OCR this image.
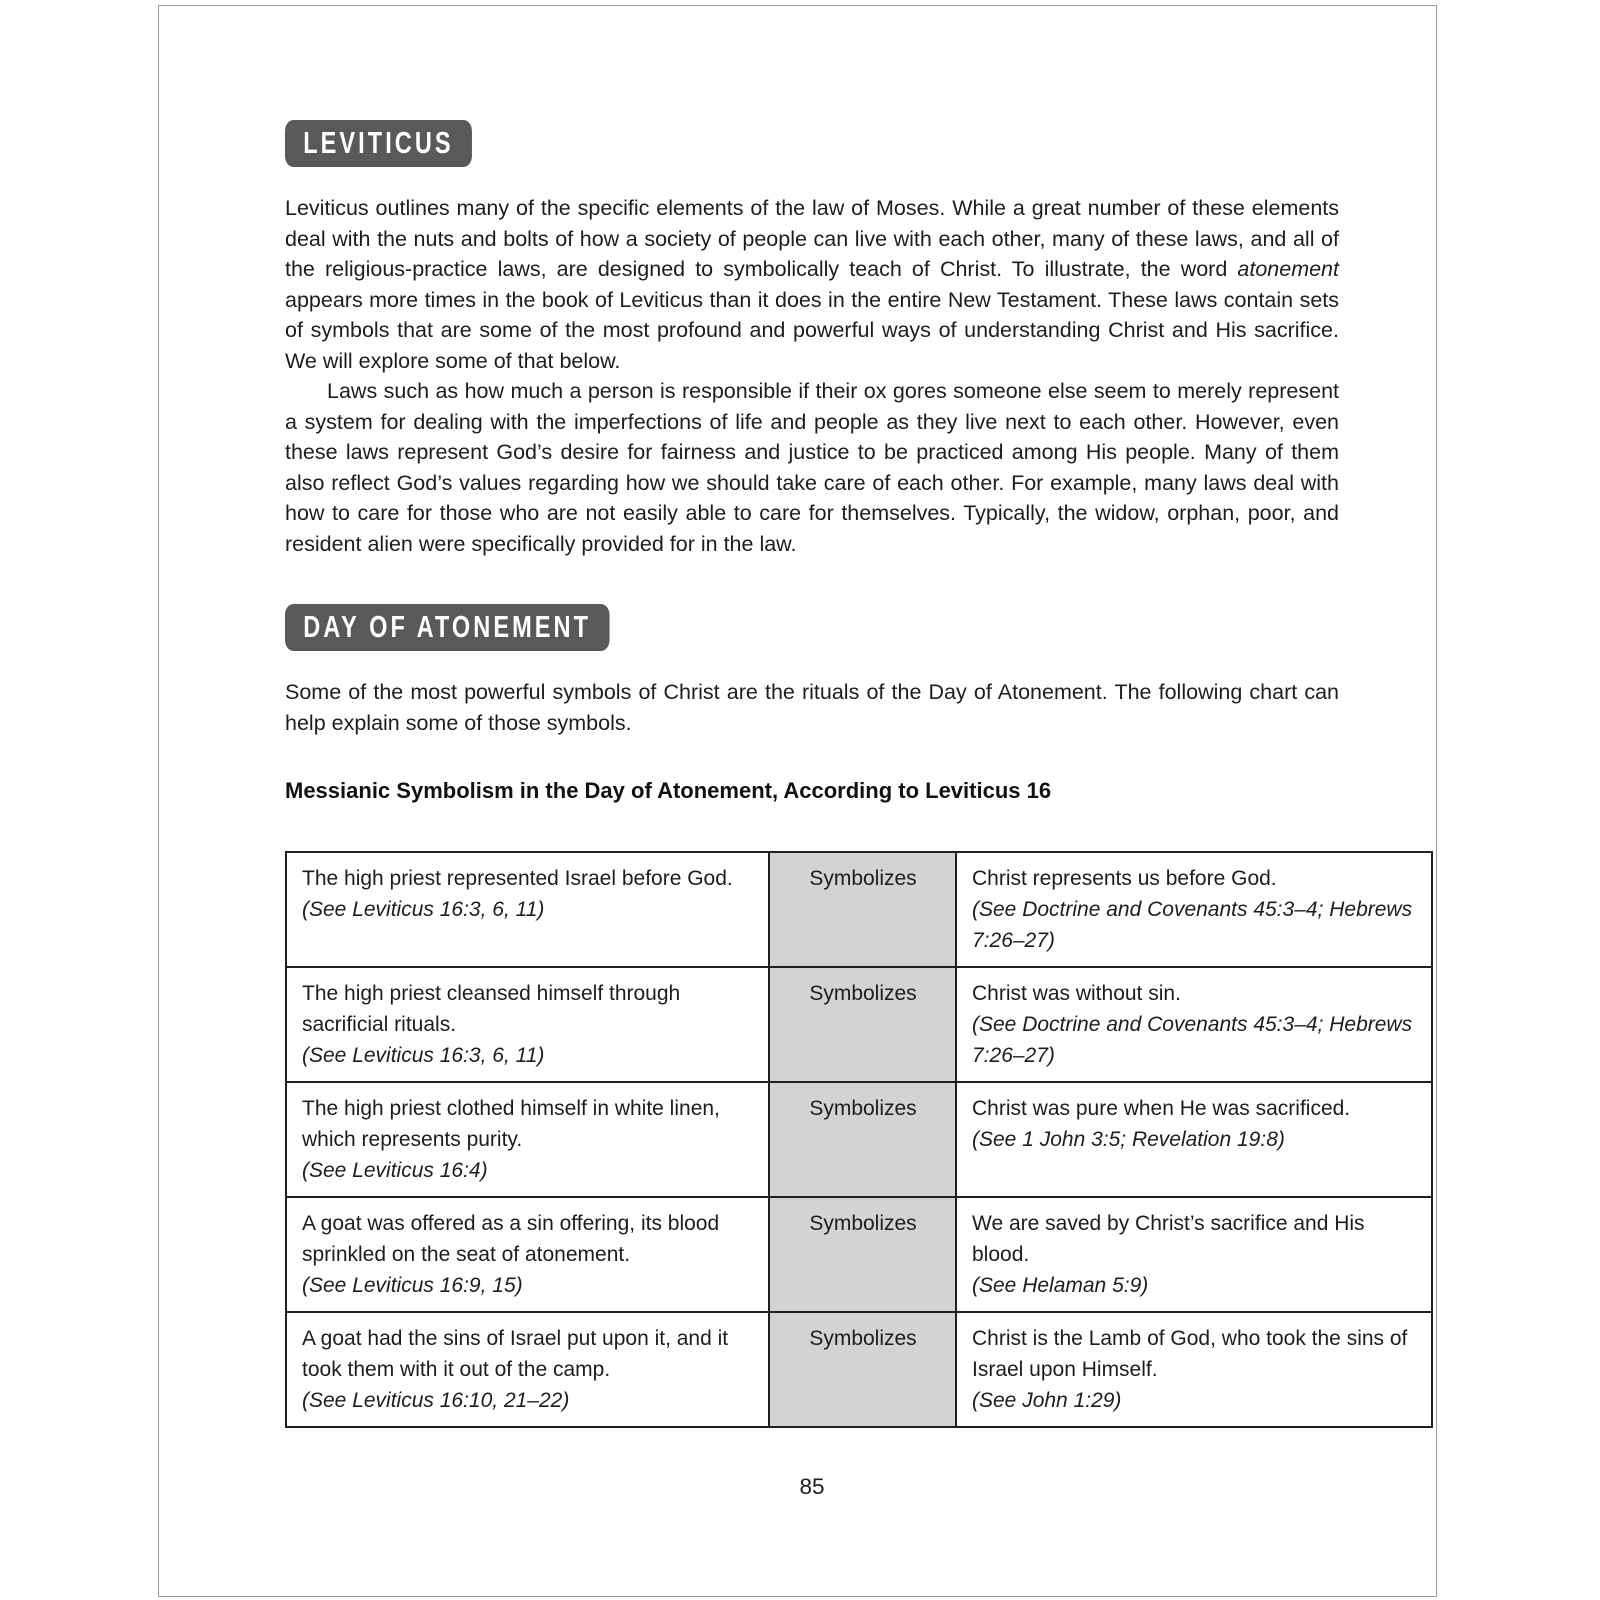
LEVITICUS

Leviticus outlines many of the specific elements of the law of Moses. While a great number of these elements deal with the nuts and bolts of how a society of people can live with each other, many of these laws, and all of the religious-practice laws, are designed to symbolically teach of Christ. To illustrate, the word atonement appears more times in the book of Leviticus than it does in the entire New Testament. These laws contain sets of symbols that are some of the most profound and powerful ways of understanding Christ and His sacrifice. We will explore some of that below.

Laws such as how much a person is responsible if their ox gores someone else seem to merely represent a system for dealing with the imperfections of life and people as they live next to each other. However, even these laws represent God’s desire for fairness and justice to be practiced among His people. Many of them also reflect God’s values regarding how we should take care of each other. For example, many laws deal with how to care for those who are not easily able to care for themselves. Typically, the widow, orphan, poor, and resident alien were specifically provided for in the law.

DAY OF ATONEMENT

Some of the most powerful symbols of Christ are the rituals of the Day of Atonement. The following chart can help explain some of those symbols.

Messianic Symbolism in the Day of Atonement, According to Leviticus 16
The high priest represented Israel before God.
(See Leviticus 16:3, 6, 11)
	Symbolizes	Christ represents us before God.
(See Doctrine and Covenants 45:3–4; Hebrews 7:26–27)

The high priest cleansed himself through sacrificial rituals.
(See Leviticus 16:3, 6, 11)
	Symbolizes	Christ was without sin.
(See Doctrine and Covenants 45:3–4; Hebrews 7:26–27)

The high priest clothed himself in white linen, which represents purity.
(See Leviticus 16:4)
	Symbolizes	Christ was pure when He was sacrificed.
(See 1 John 3:5; Revelation 19:8)

A goat was offered as a sin offering, its blood sprinkled on the seat of atonement.
(See Leviticus 16:9, 15)
	Symbolizes	We are saved by Christ’s sacrifice and His blood.
(See Helaman 5:9)

A goat had the sins of Israel put upon it, and it took them with it out of the camp.
(See Leviticus 16:10, 21–22)
	Symbolizes	Christ is the Lamb of God, who took the sins of Israel upon Himself.
(See John 1:29)
85
